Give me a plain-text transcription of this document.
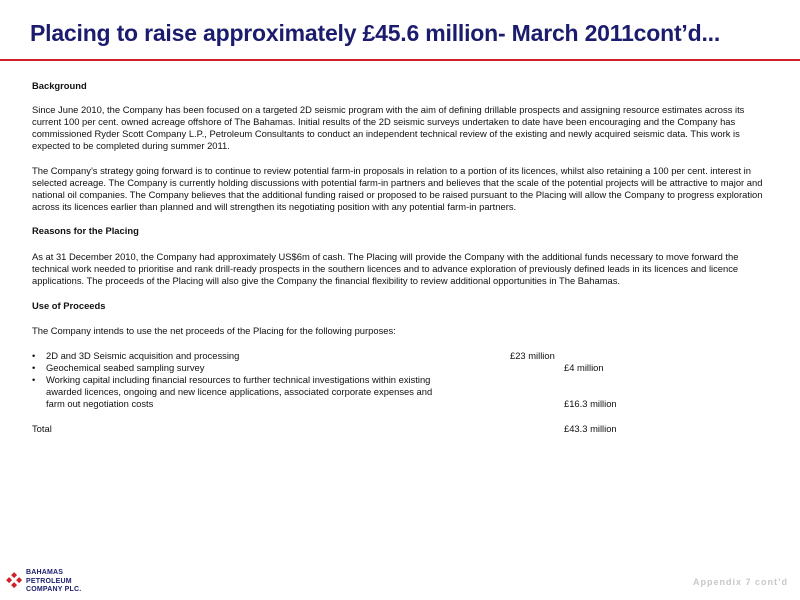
Placing to raise approximately £45.6 million- March 2011cont’d...
Background

Since June 2010, the Company has been focused on a targeted 2D seismic program with the aim of defining drillable prospects and assigning resource estimates across its current 100 per cent. owned acreage offshore of The Bahamas. Initial results of the 2D seismic surveys undertaken to date have been encouraging and the Company has commissioned Ryder Scott Company L.P., Petroleum Consultants to conduct an independent technical review of the existing and newly acquired seismic data. This work is expected to be completed during summer 2011.

The Company’s strategy going forward is to continue to review potential farm-in proposals in relation to a portion of its licences, whilst also retaining a 100 per cent. interest in selected acreage. The Company is currently holding discussions with potential farm-in partners and believes that the scale of the potential projects will be attractive to major and national oil companies. The Company believes that the additional funding raised or proposed to be raised pursuant to the Placing will allow the Company to progress exploration across its licences earlier than planned and will strengthen its negotiating position with any potential farm-in partners.

Reasons for the Placing

As at 31 December 2010, the Company had approximately US$6m of cash. The Placing will provide the Company with the additional funds necessary to move forward the technical work needed to prioritise and rank drill-ready prospects in the southern licences and to advance exploration of previously defined leads in its licences and licence applications. The proceeds of the Placing will also give the Company the financial flexibility to review additional opportunities in The Bahamas.

Use of Proceeds

The Company intends to use the net proceeds of the Placing for the following purposes:

• 2D and 3D Seismic acquisition and processing	£23 million
• Geochemical seabed sampling survey	£4 million
• Working capital including financial resources to further technical investigations within existing
awarded licences, ongoing and new licence applications, associated corporate expenses and
farm out negotiation costs	£16.3 million
Total	£43.3 million
BAHAMAS
PETROLEUM
COMPANY PLC.
Appendix 7 cont’d
